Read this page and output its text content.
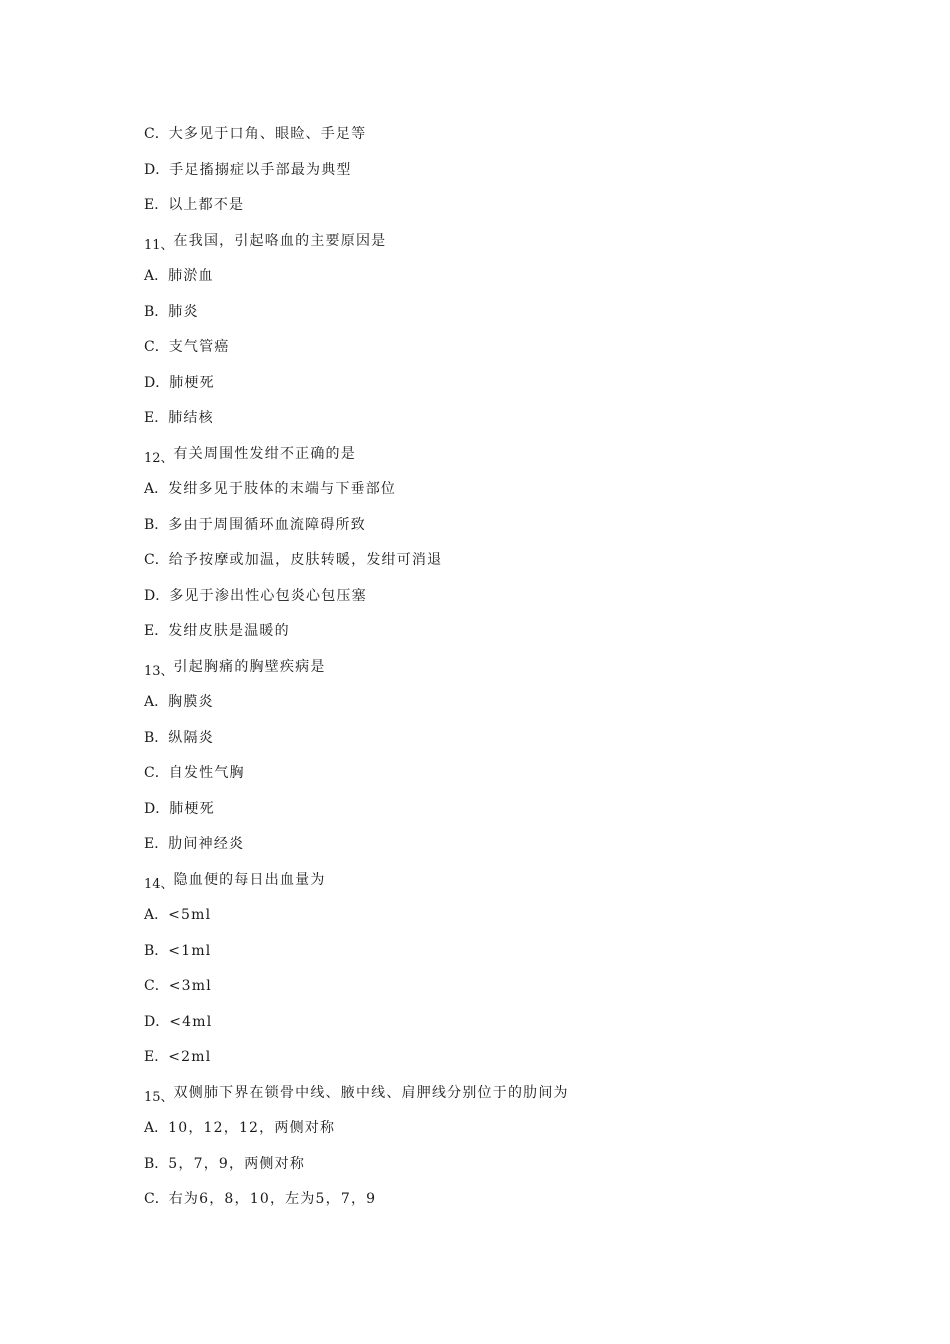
C．大多见于口角、眼睑、手足等
D．手足搐搦症以手部最为典型
E．以上都不是
11、在我国，引起咯血的主要原因是
A．肺淤血
B．肺炎
C．支气管癌
D．肺梗死
E．肺结核
12、有关周围性发绀不正确的是
A．发绀多见于肢体的末端与下垂部位
B．多由于周围循环血流障碍所致
C．给予按摩或加温，皮肤转暖，发绀可消退
D．多见于渗出性心包炎心包压塞
E．发绀皮肤是温暖的
13、引起胸痛的胸壁疾病是
A．胸膜炎
B．纵隔炎
C．自发性气胸
D．肺梗死
E．肋间神经炎
14、隐血便的每日出血量为
A．<5ml
B．<1ml
C．<3ml
D．<4ml
E．<2ml
15、双侧肺下界在锁骨中线、腋中线、肩胛线分别位于的肋间为
A．10，12，12，两侧对称
B．5，7，9，两侧对称
C．右为6，8，10，左为5，7，9
